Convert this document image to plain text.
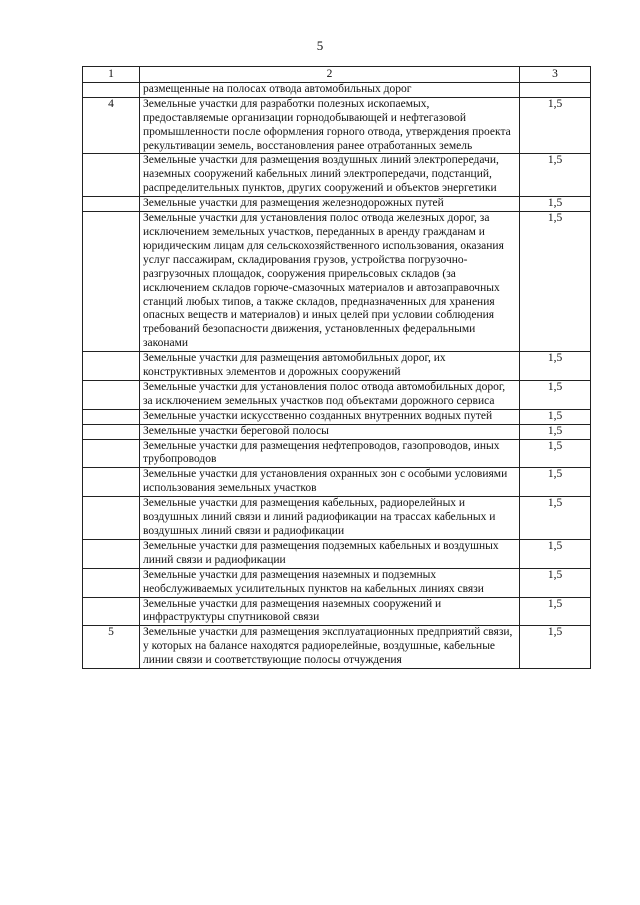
5
1	2	3
	размещенные на полосах отвода автомобильных дорог	
4	Земельные участки для разработки полезных ископаемых, предоставляемые организации горнодобывающей и нефтегазовой промышленности после оформления горного отвода, утверждения проекта рекультивации земель, восстановления ранее отработанных земель	1,5
	Земельные участки для размещения воздушных линий электропередачи, наземных сооружений кабельных линий электропередачи, подстанций, распределительных пунктов, других сооружений и объектов энергетики	1,5
	Земельные участки для размещения железнодорожных путей	1,5
	Земельные участки для установления полос отвода железных дорог, за исключением земельных участков, переданных в аренду гражданам и юридическим лицам для сельскохозяйственного использования, оказания услуг пассажирам, складирования грузов, устройства погрузочно-разгрузочных площадок, сооружения прирельсовых складов (за исключением складов горюче-смазочных материалов и автозаправочных станций любых типов, а также складов, предназначенных для хранения опасных веществ и материалов) и иных целей при условии соблюдения требований безопасности движения, установленных федеральными законами	1,5
	Земельные участки для размещения автомобильных дорог, их конструктивных элементов и дорожных сооружений	1,5
	Земельные участки для установления полос отвода автомобильных дорог, за исключением земельных участков под объектами дорожного сервиса	1,5
	Земельные участки искусственно созданных внутренних водных путей	1,5
	Земельные участки береговой полосы	1,5
	Земельные участки для размещения нефтепроводов, газопроводов, иных трубопроводов	1,5
	Земельные участки для установления охранных зон с особыми условиями использования земельных участков	1,5
	Земельные участки для размещения кабельных, радиорелейных и воздушных линий связи и линий радиофикации на трассах кабельных и воздушных линий связи и радиофикации	1,5
	Земельные участки для размещения подземных кабельных и воздушных линий связи и радиофикации	1,5
	Земельные участки для размещения наземных и подземных необслуживаемых усилительных пунктов на кабельных линиях связи	1,5
	Земельные участки для размещения наземных сооружений и инфраструктуры спутниковой связи	1,5
5	Земельные участки для размещения эксплуатационных предприятий связи, у которых на балансе находятся радиорелейные, воздушные, кабельные линии связи и соответствующие полосы отчуждения	1,5
